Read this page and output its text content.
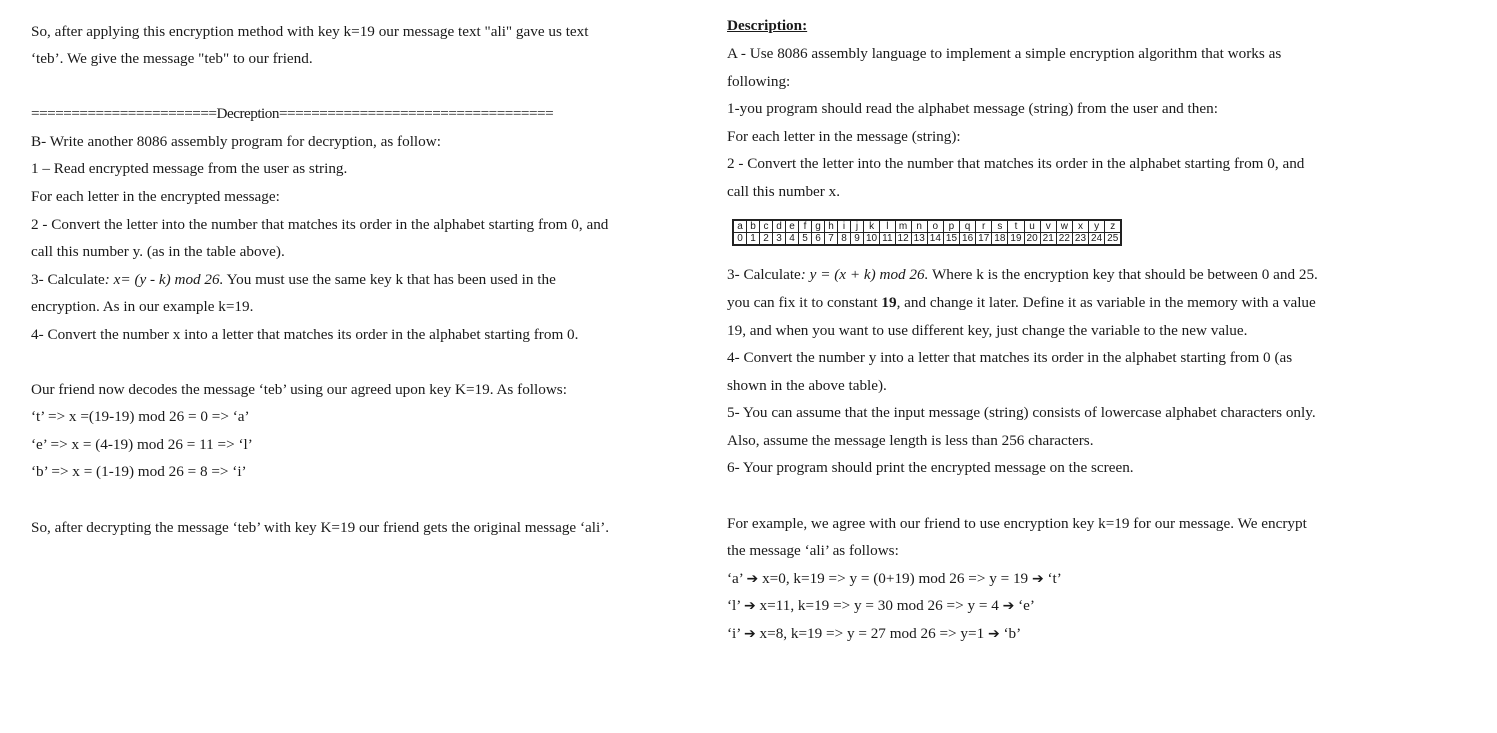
So, after applying this encryption method with key k=19 our message text "ali" gave us text
‘teb’. We give the message "teb" to our friend.
=======================Decreption==================================
B- Write another 8086 assembly program for decryption, as follow:
1 – Read encrypted message from the user as string.
For each letter in the encrypted message:
2 - Convert the letter into the number that matches its order in the alphabet starting from 0, and
call this number y. (as in the table above).
3- Calculate: x= (y - k) mod 26. You must use the same key k that has been used in the
encryption. As in our example k=19.
4- Convert the number x into a letter that matches its order in the alphabet starting from 0.
Our friend now decodes the message ‘teb’ using our agreed upon key K=19. As follows:
‘t’ => x =(19-19) mod 26 = 0 => ‘a’
‘e’ => x = (4-19) mod 26 = 11 => ‘l’
‘b’ => x = (1-19) mod 26 = 8 => ‘i’
So, after decrypting the message ‘teb’ with key K=19 our friend gets the original message ‘ali’.
Description:
A - Use 8086 assembly language to implement a simple encryption algorithm that works as
following:
1-you program should read the alphabet message (string) from the user and then:
For each letter in the message (string):
2 - Convert the letter into the number that matches its order in the alphabet starting from 0, and
call this number x.
a	b	c	d	e	f	g	h	i	j	k	l	m	n	o	p	q	r	s	t	u	v	w	x	y	z
0	1	2	3	4	5	6	7	8	9	10	11	12	13	14	15	16	17	18	19	20	21	22	23	24	25
3- Calculate: y = (x + k) mod 26. Where k is the encryption key that should be between 0 and 25.
you can fix it to constant 19, and change it later. Define it as variable in the memory with a value
19, and when you want to use different key, just change the variable to the new value.
4- Convert the number y into a letter that matches its order in the alphabet starting from 0 (as
shown in the above table).
5- You can assume that the input message (string) consists of lowercase alphabet characters only.
Also, assume the message length is less than 256 characters.
6- Your program should print the encrypted message on the screen.
For example, we agree with our friend to use encryption key k=19 for our message. We encrypt
the message ‘ali’ as follows:
‘a’ ➔ x=0, k=19 => y = (0+19) mod 26 => y = 19 ➔ ‘t’
‘l’ ➔ x=11, k=19 => y = 30 mod 26 => y = 4 ➔ ‘e’
‘i’ ➔ x=8, k=19 => y = 27 mod 26 => y=1 ➔ ‘b’
